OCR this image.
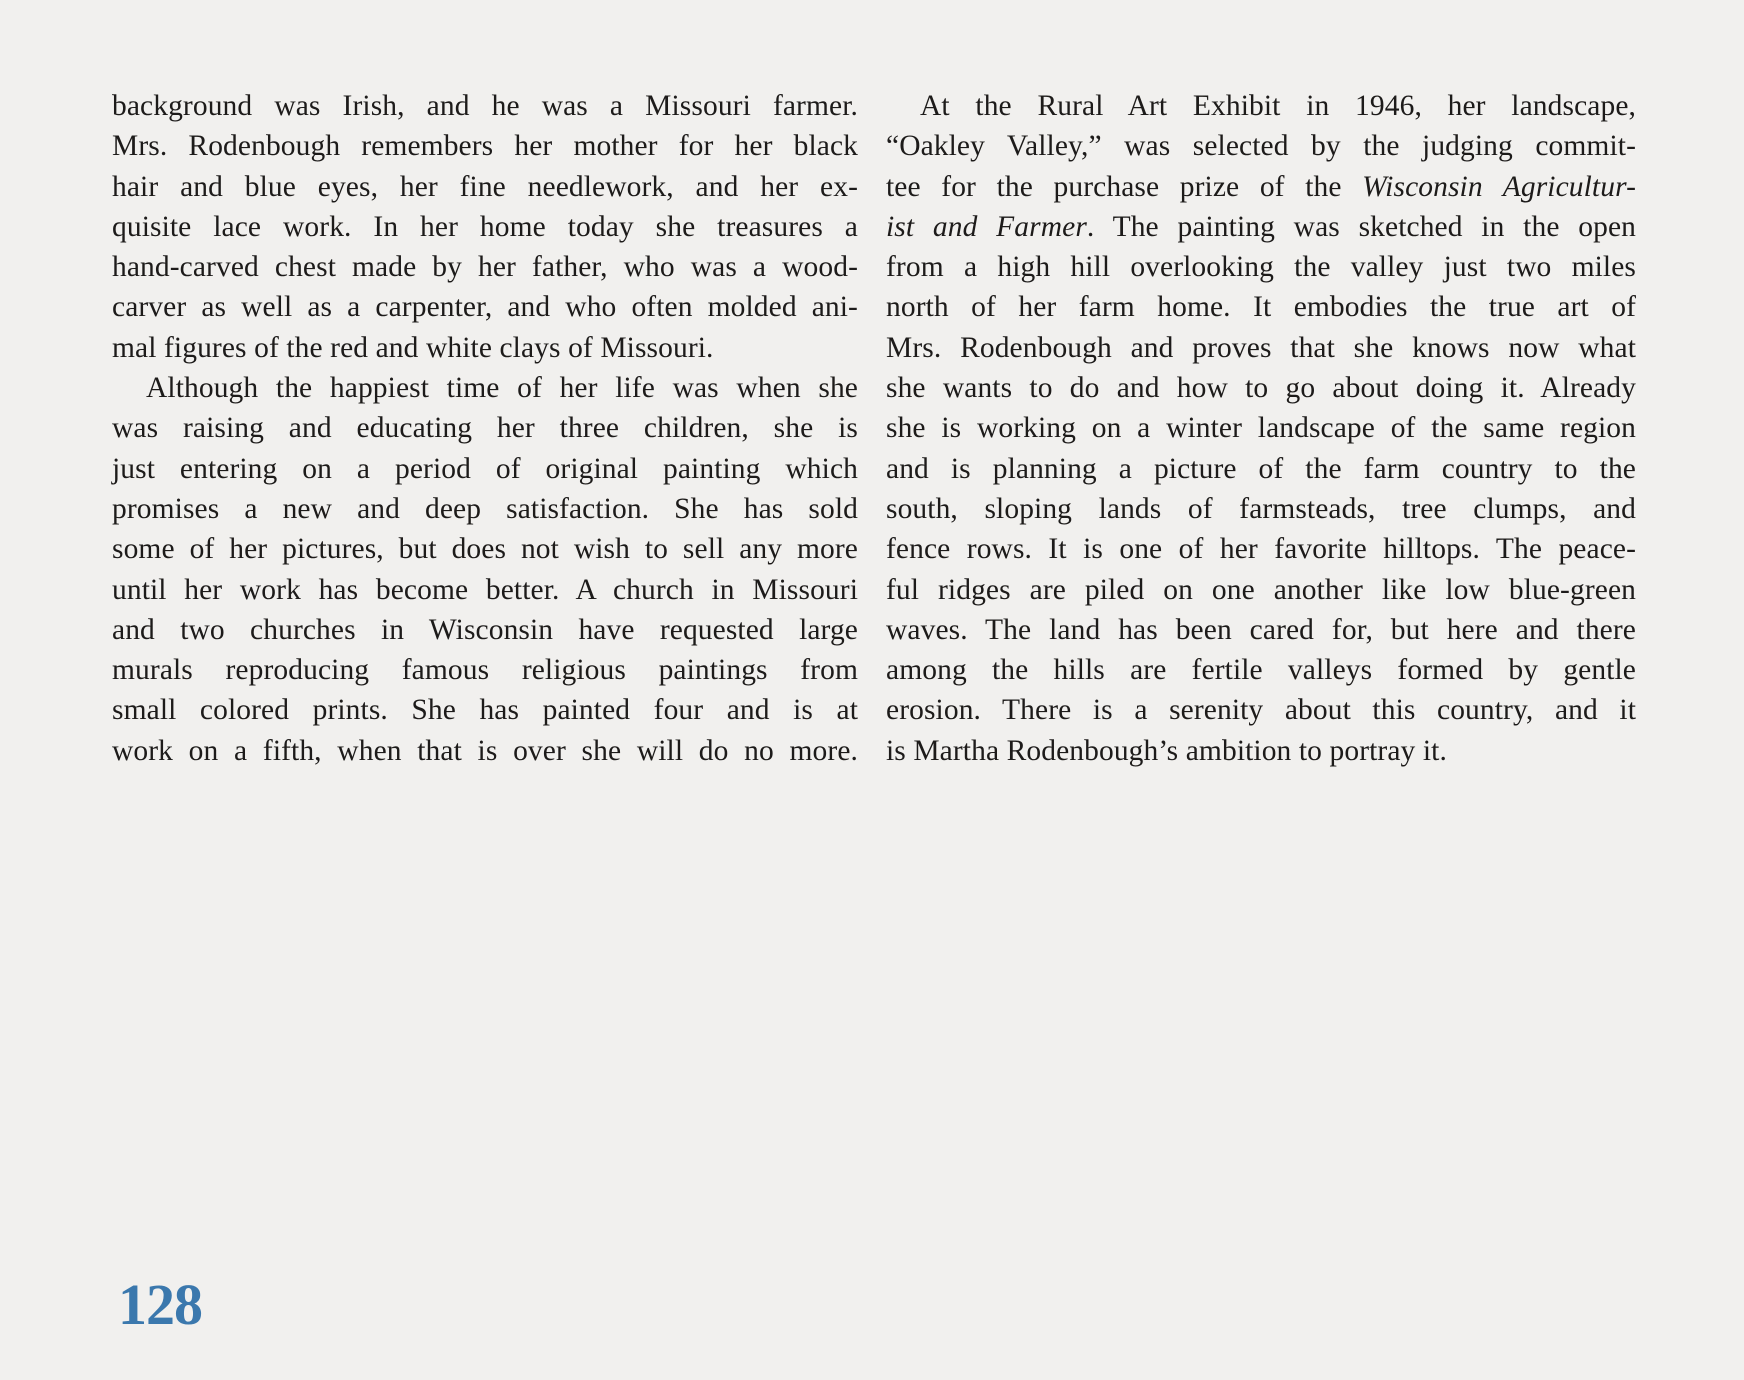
background was Irish, and he was a Missouri farmer.
Mrs. Rodenbough remembers her mother for her black
hair and blue eyes, her fine needlework, and her ex-
quisite lace work. In her home today she treasures a
hand-carved chest made by her father, who was a wood-
carver as well as a carpenter, and who often molded ani-
mal figures of the red and white clays of Missouri.
Although the happiest time of her life was when she
was raising and educating her three children, she is
just entering on a period of original painting which
promises a new and deep satisfaction. She has sold
some of her pictures, but does not wish to sell any more
until her work has become better. A church in Missouri
and two churches in Wisconsin have requested large
murals reproducing famous religious paintings from
small colored prints. She has painted four and is at
work on a fifth, when that is over she will do no more.
At the Rural Art Exhibit in 1946, her landscape,
“Oakley Valley,” was selected by the judging commit-
tee for the purchase prize of the Wisconsin Agricultur-
ist and Farmer. The painting was sketched in the open
from a high hill overlooking the valley just two miles
north of her farm home. It embodies the true art of
Mrs. Rodenbough and proves that she knows now what
she wants to do and how to go about doing it. Already
she is working on a winter landscape of the same region
and is planning a picture of the farm country to the
south, sloping lands of farmsteads, tree clumps, and
fence rows. It is one of her favorite hilltops. The peace-
ful ridges are piled on one another like low blue-green
waves. The land has been cared for, but here and there
among the hills are fertile valleys formed by gentle
erosion. There is a serenity about this country, and it
is Martha Rodenbough’s ambition to portray it.
128
